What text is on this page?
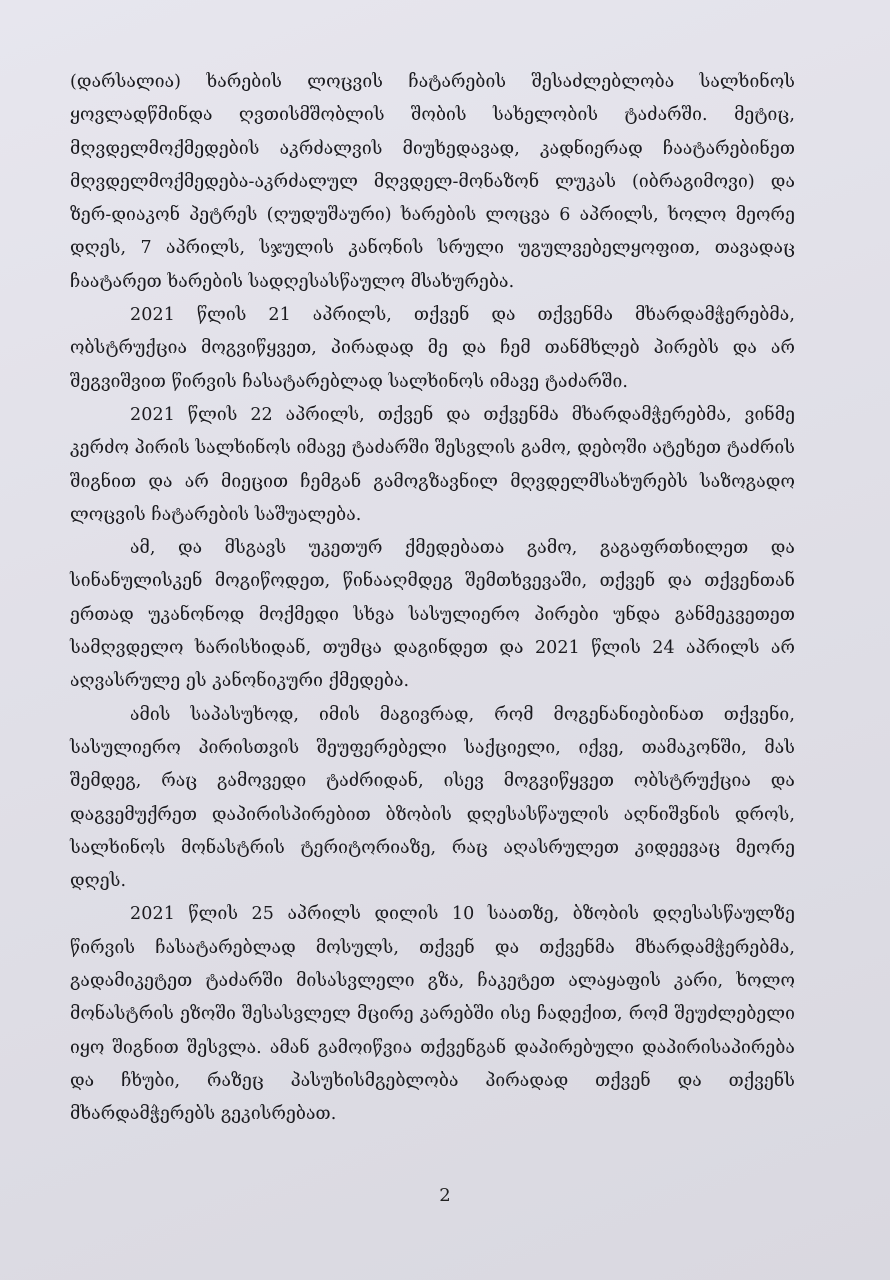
(დარსალია) ხარების ლოცვის ჩატარების შესაძლებლობა სალხინოს ყოვლადწმინდა ღვთისმშობლის შობის სახელობის ტაძარში. მეტიც, მღვდელმოქმედების აკრძალვის მიუხედავად, კადნიერად ჩაატარებინეთ მღვდელმოქმედება-აკრძალულ მღვდელ-მონაზონ ლუკას (იბრაგიმოვი) და ზერ-დიაკონ პეტრეს (ღუდუშაური) ხარების ლოცვა 6 აპრილს, ხოლო მეორე დღეს, 7 აპრილს, სჯულის კანონის სრული უგულვებელყოფით, თავადაც ჩაატარეთ ხარების სადღესასწაულო მსახურება.

2021 წლის 21 აპრილს, თქვენ და თქვენმა მხარდამჭერებმა, ობსტრუქცია მოგვიწყვეთ, პირადად მე და ჩემ თანმხლებ პირებს და არ შეგვიშვით წირვის ჩასატარებლად სალხინოს იმავე ტაძარში.

2021 წლის 22 აპრილს, თქვენ და თქვენმა მხარდამჭერებმა, ვინმე კერძო პირის სალხინოს იმავე ტაძარში შესვლის გამო, დებოში ატეხეთ ტაძრის შიგნით და არ მიეცით ჩემგან გამოგზავნილ მღვდელმსახურებს საზოგადო ლოცვის ჩატარების საშუალება.

ამ, და მსგავს უკეთურ ქმედებათა გამო, გაგაფრთხილეთ და სინანულისკენ მოგიწოდეთ, წინააღმდეგ შემთხვევაში, თქვენ და თქვენთან ერთად უკანონოდ მოქმედი სხვა სასულიერო პირები უნდა განმეკვეთეთ სამღვდელო ხარისხიდან, თუმცა დაგინდეთ და 2021 წლის 24 აპრილს არ აღვასრულე ეს კანონიკური ქმედება.

ამის საპასუხოდ, იმის მაგივრად, რომ მოგენანიებინათ თქვენი, სასულიერო პირისთვის შეუფერებელი საქციელი, იქვე, თამაკონში, მას შემდეგ, რაც გამოვედი ტაძრიდან, ისევ მოგვიწყვეთ ობსტრუქცია და დაგვემუქრეთ დაპირისპირებით ბზობის დღესასწაულის აღნიშვნის დროს, სალხინოს მონასტრის ტერიტორიაზე, რაც აღასრულეთ კიდეევაც მეორე დღეს.

2021 წლის 25 აპრილს დილის 10 საათზე, ბზობის დღესასწაულზე წირვის ჩასატარებლად მოსულს, თქვენ და თქვენმა მხარდამჭერებმა, გადამიკეტეთ ტაძარში მისასვლელი გზა, ჩაკეტეთ ალაყაფის კარი, ხოლო მონასტრის ეზოში შესასვლელ მცირე კარებში ისე ჩადექით, რომ შეუძლებელი იყო შიგნით შესვლა. ამან გამოიწვია თქვენგან დაპირებული დაპირისაპირება და ჩხუბი, რაზეც პასუხისმგებლობა პირადად თქვენ და თქვენს მხარდამჭერებს გეკისრებათ.

2
